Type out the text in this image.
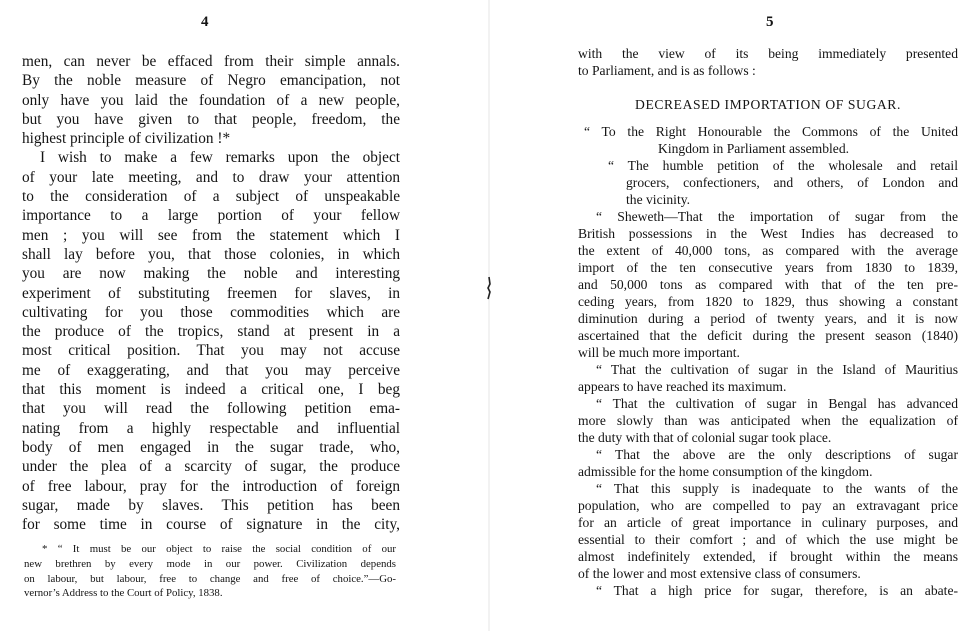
4
men, can never be effaced from their simple annals.
By the noble measure of Negro emancipation, not
only have you laid the foundation of a new people,
but you have given to that people, freedom, the
highest principle of civilization !*
I wish to make a few remarks upon the object
of your late meeting, and to draw your attention
to the consideration of a subject of unspeakable
importance to a large portion of your fellow
men ; you will see from the statement which I
shall lay before you, that those colonies, in which
you are now making the noble and interesting
experiment of substituting freemen for slaves, in
cultivating for you those commodities which are
the produce of the tropics, stand at present in a
most critical position. That you may not accuse
me of exaggerating, and that you may perceive
that this moment is indeed a critical one, I beg
that you will read the following petition ema-
nating from a highly respectable and influential
body of men engaged in the sugar trade, who,
under the plea of a scarcity of sugar, the produce
of free labour, pray for the introduction of foreign
sugar, made by slaves. This petition has been
for some time in course of signature in the city,
* “ It must be our object to raise the social condition of our
new brethren by every mode in our power. Civilization depends
on labour, but labour, free to change and free of choice.”—Go-
vernor’s Address to the Court of Policy, 1838.
5
with the view of its being immediately presented
to Parliament, and is as follows :
DECREASED IMPORTATION OF SUGAR.
“ To the Right Honourable the Commons of the United
Kingdom in Parliament assembled.
“ The humble petition of the wholesale and retail
grocers, confectioners, and others, of London and
the vicinity.
“ Sheweth—That the importation of sugar from the
British possessions in the West Indies has decreased to
the extent of 40,000 tons, as compared with the average
import of the ten consecutive years from 1830 to 1839,
and 50,000 tons as compared with that of the ten pre-
ceding years, from 1820 to 1829, thus showing a constant
diminution during a period of twenty years, and it is now
ascertained that the deficit during the present season (1840)
will be much more important.
“ That the cultivation of sugar in the Island of Mauritius
appears to have reached its maximum.
“ That the cultivation of sugar in Bengal has advanced
more slowly than was anticipated when the equalization of
the duty with that of colonial sugar took place.
“ That the above are the only descriptions of sugar
admissible for the home consumption of the kingdom.
“ That this supply is inadequate to the wants of the
population, who are compelled to pay an extravagant price
for an article of great importance in culinary purposes, and
essential to their comfort ; and of which the use might be
almost indefinitely extended, if brought within the means
of the lower and most extensive class of consumers.
“ That a high price for sugar, therefore, is an abate-
